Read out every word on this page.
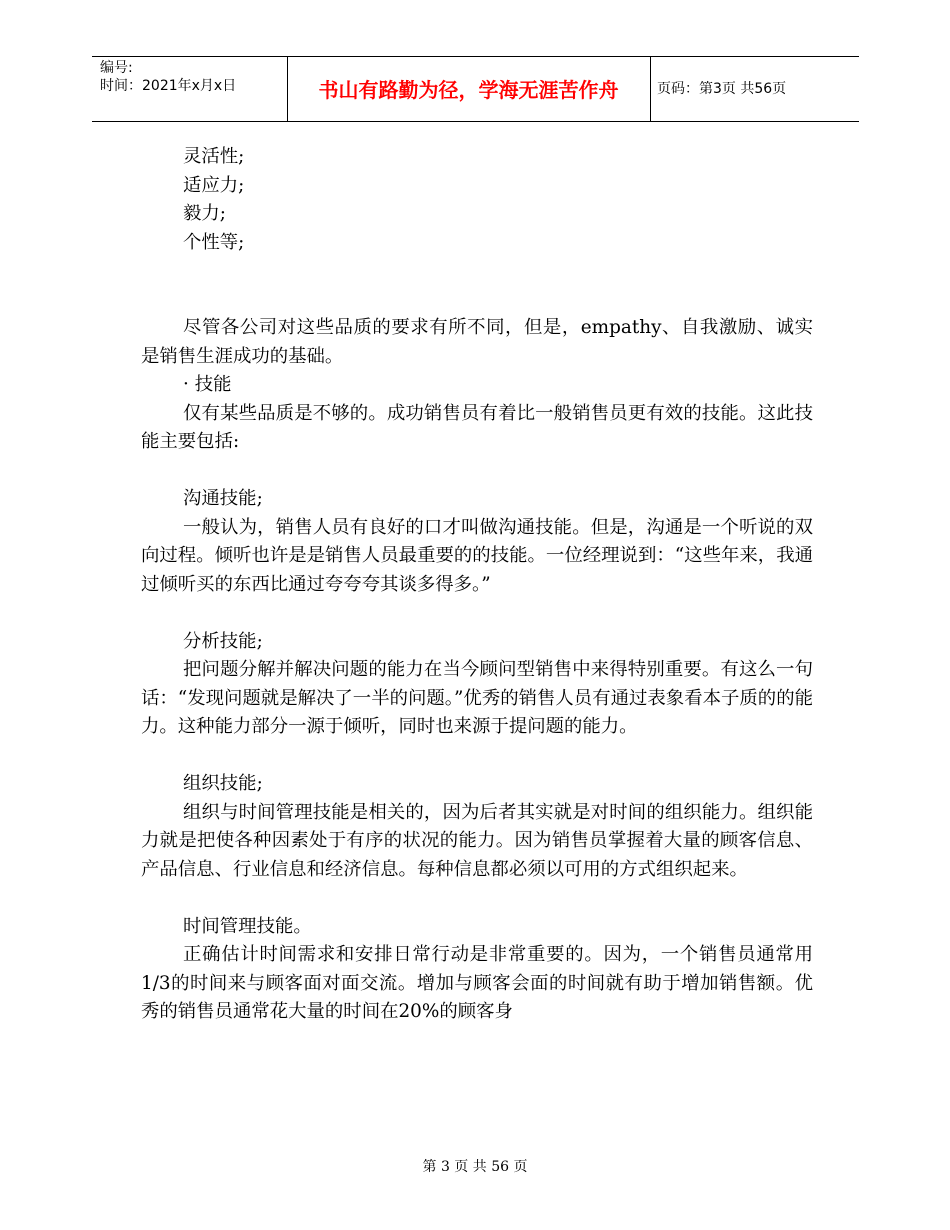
编号:
时间：2021年x月x日	书山有路勤为径，学海无涯苦作舟	页码：第3页 共56页

灵活性;

适应力;

毅力;

个性等;

尽管各公司对这些品质的要求有所不同，但是，empathy、自我激励、诚实是销售生涯成功的基础。

· 技能

仅有某些品质是不够的。成功销售员有着比一般销售员更有效的技能。这此技能主要包括:

沟通技能;

一般认为，销售人员有良好的口才叫做沟通技能。但是，沟通是一个听说的双向过程。倾听也许是是销售人员最重要的的技能。一位经理说到：“这些年来，我通过倾听买的东西比通过夸夸夸其谈多得多。”

分析技能;

把问题分解并解决问题的能力在当今顾问型销售中来得特别重要。有这么一句话：“发现问题就是解决了一半的问题。”优秀的销售人员有通过表象看本子质的的能力。这种能力部分一源于倾听，同时也来源于提问题的能力。

组织技能;

组织与时间管理技能是相关的，因为后者其实就是对时间的组织能力。组织能力就是把使各种因素处于有序的状况的能力。因为销售员掌握着大量的顾客信息、产品信息、行业信息和经济信息。每种信息都必须以可用的方式组织起来。

时间管理技能。

正确估计时间需求和安排日常行动是非常重要的。因为，一个销售员通常用1/3的时间来与顾客面对面交流。增加与顾客会面的时间就有助于增加销售额。优秀的销售员通常花大量的时间在20%的顾客身

第 3 页 共 56 页
